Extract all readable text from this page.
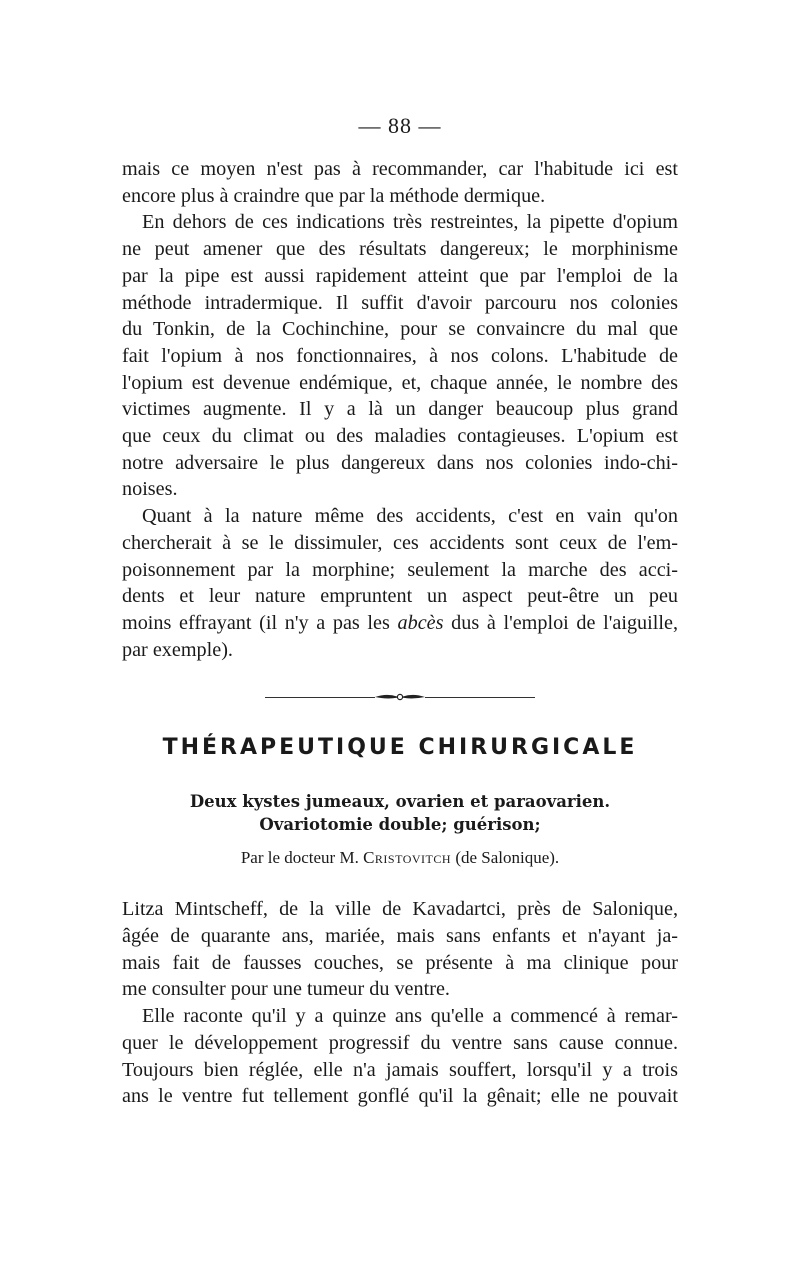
— 88 —

mais ce moyen n'est pas à recommander, car l'habitude ici est
encore plus à craindre que par la méthode dermique.

En dehors de ces indications très restreintes, la pipette d'opium
ne peut amener que des résultats dangereux; le morphinisme
par la pipe est aussi rapidement atteint que par l'emploi de la
méthode intradermique. Il suffit d'avoir parcouru nos colonies
du Tonkin, de la Cochinchine, pour se convaincre du mal que
fait l'opium à nos fonctionnaires, à nos colons. L'habitude de
l'opium est devenue endémique, et, chaque année, le nombre des
victimes augmente. Il y a là un danger beaucoup plus grand
que ceux du climat ou des maladies contagieuses. L'opium est
notre adversaire le plus dangereux dans nos colonies indo-chi-
noises.

Quant à la nature même des accidents, c'est en vain qu'on
chercherait à se le dissimuler, ces accidents sont ceux de l'em-
poisonnement par la morphine; seulement la marche des acci-
dents et leur nature empruntent un aspect peut-être un peu
moins effrayant (il n'y a pas les abcès dus à l'emploi de l'aiguille,
par exemple).

THÉRAPEUTIQUE CHIRURGICALE

Deux kystes jumeaux, ovarien et paraovarien.

Ovariotomie double; guérison;

Par le docteur M. Cristovitch (de Salonique).

Litza Mintscheff, de la ville de Kavadartci, près de Salonique,
âgée de quarante ans, mariée, mais sans enfants et n'ayant ja-
mais fait de fausses couches, se présente à ma clinique pour
me consulter pour une tumeur du ventre.

Elle raconte qu'il y a quinze ans qu'elle a commencé à remar-
quer le développement progressif du ventre sans cause connue.
Toujours bien réglée, elle n'a jamais souffert, lorsqu'il y a trois
ans le ventre fut tellement gonflé qu'il la gênait; elle ne pouvait
